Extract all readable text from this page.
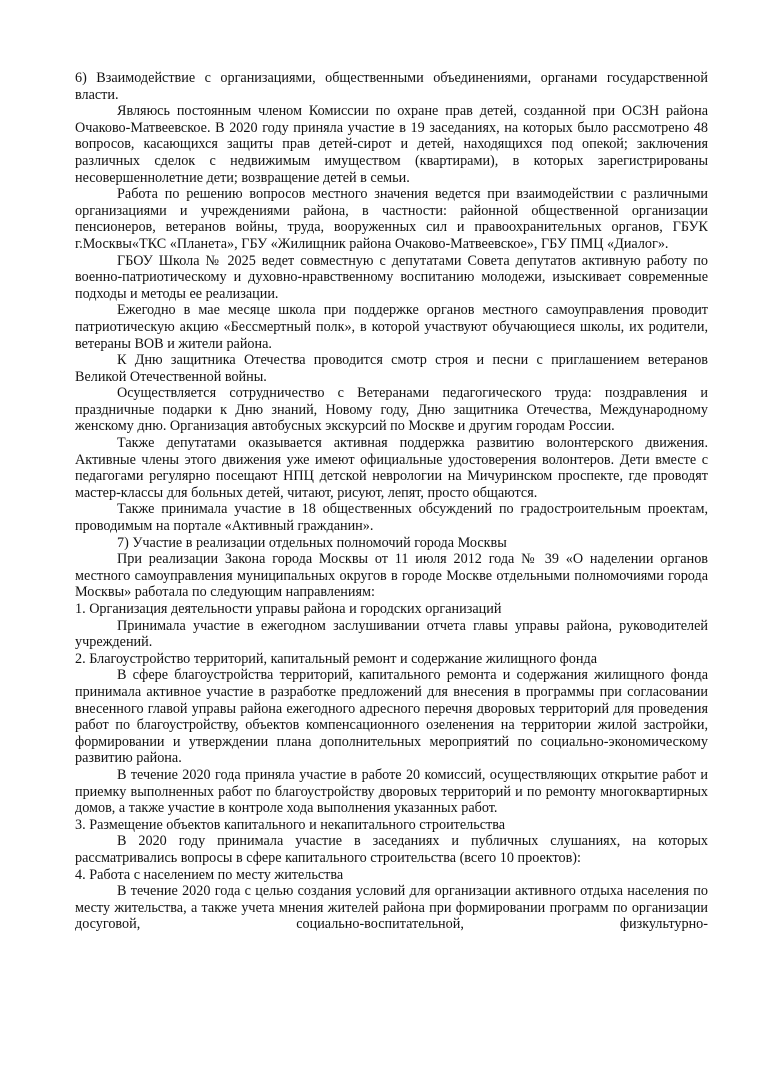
6) Взаимодействие с организациями, общественными объединениями, органами государственной власти.

Являюсь постоянным членом Комиссии по охране прав детей, созданной при ОСЗН района Очаково-Матвеевское. В 2020 году приняла участие в 19 заседаниях, на которых было рассмотрено 48 вопросов, касающихся защиты прав детей-сирот и детей, находящихся под опекой; заключения различных сделок с недвижимым имуществом (квартирами), в которых зарегистрированы несовершеннолетние дети; возвращение детей в семьи.

Работа по решению вопросов местного значения ведется при взаимодействии с различными организациями и учреждениями района, в частности: районной общественной организации пенсионеров, ветеранов войны, труда, вооруженных сил и правоохранительных органов, ГБУК г.Москвы«ТКС «Планета», ГБУ «Жилищник района Очаково-Матвеевское», ГБУ ПМЦ «Диалог».

ГБОУ Школа № 2025 ведет совместную с депутатами Совета депутатов активную работу по военно-патриотическому и духовно-нравственному воспитанию молодежи, изыскивает современные подходы и методы ее реализации.

Ежегодно в мае месяце школа при поддержке органов местного самоуправления проводит патриотическую акцию «Бессмертный полк», в которой участвуют обучающиеся школы, их родители, ветераны ВОВ и жители района.

К Дню защитника Отечества проводится смотр строя и песни с приглашением ветеранов Великой Отечественной войны.

Осуществляется сотрудничество с Ветеранами педагогического труда: поздравления и праздничные подарки к Дню знаний, Новому году, Дню защитника Отечества, Международному женскому дню. Организация автобусных экскурсий по Москве и другим городам России.

Также депутатами оказывается активная поддержка развитию волонтерского движения. Активные члены этого движения уже имеют официальные удостоверения волонтеров. Дети вместе с педагогами регулярно посещают НПЦ детской неврологии на Мичуринском проспекте, где проводят мастер-классы для больных детей, читают, рисуют, лепят, просто общаются.

Также принимала участие в 18 общественных обсуждений по градостроительным проектам, проводимым на портале «Активный гражданин».

7) Участие в реализации отдельных полномочий города Москвы

При реализации Закона города Москвы от 11 июля 2012 года № 39 «О наделении органов местного самоуправления муниципальных округов в городе Москве отдельными полномочиями города Москвы» работала по следующим направлениям:

1. Организация деятельности управы района и городских организаций

Принимала участие в ежегодном заслушивании отчета главы управы района, руководителей учреждений.

2. Благоустройство территорий, капитальный ремонт и содержание жилищного фонда

В сфере благоустройства территорий, капитального ремонта и содержания жилищного фонда принимала активное участие в разработке предложений для внесения в программы при согласовании внесенного главой управы района ежегодного адресного перечня дворовых территорий для проведения работ по благоустройству, объектов компенсационного озеленения на территории жилой застройки, формировании и утверждении плана дополнительных мероприятий по социально-экономическому развитию района.

В течение 2020 года приняла участие в работе 20 комиссий, осуществляющих открытие работ и приемку выполненных работ по благоустройству дворовых территорий и по ремонту многоквартирных домов, а также участие в контроле хода выполнения указанных работ.

3. Размещение объектов капитального и некапитального строительства

В 2020 году принимала участие в заседаниях и публичных слушаниях, на которых рассматривались вопросы в сфере капитального строительства (всего 10 проектов):

4. Работа с населением по месту жительства

В течение 2020 года с целью создания условий для организации активного отдыха населения по месту жительства, а также учета мнения жителей района при формировании программ по организации досуговой, социально-воспитательной, физкультурно-
